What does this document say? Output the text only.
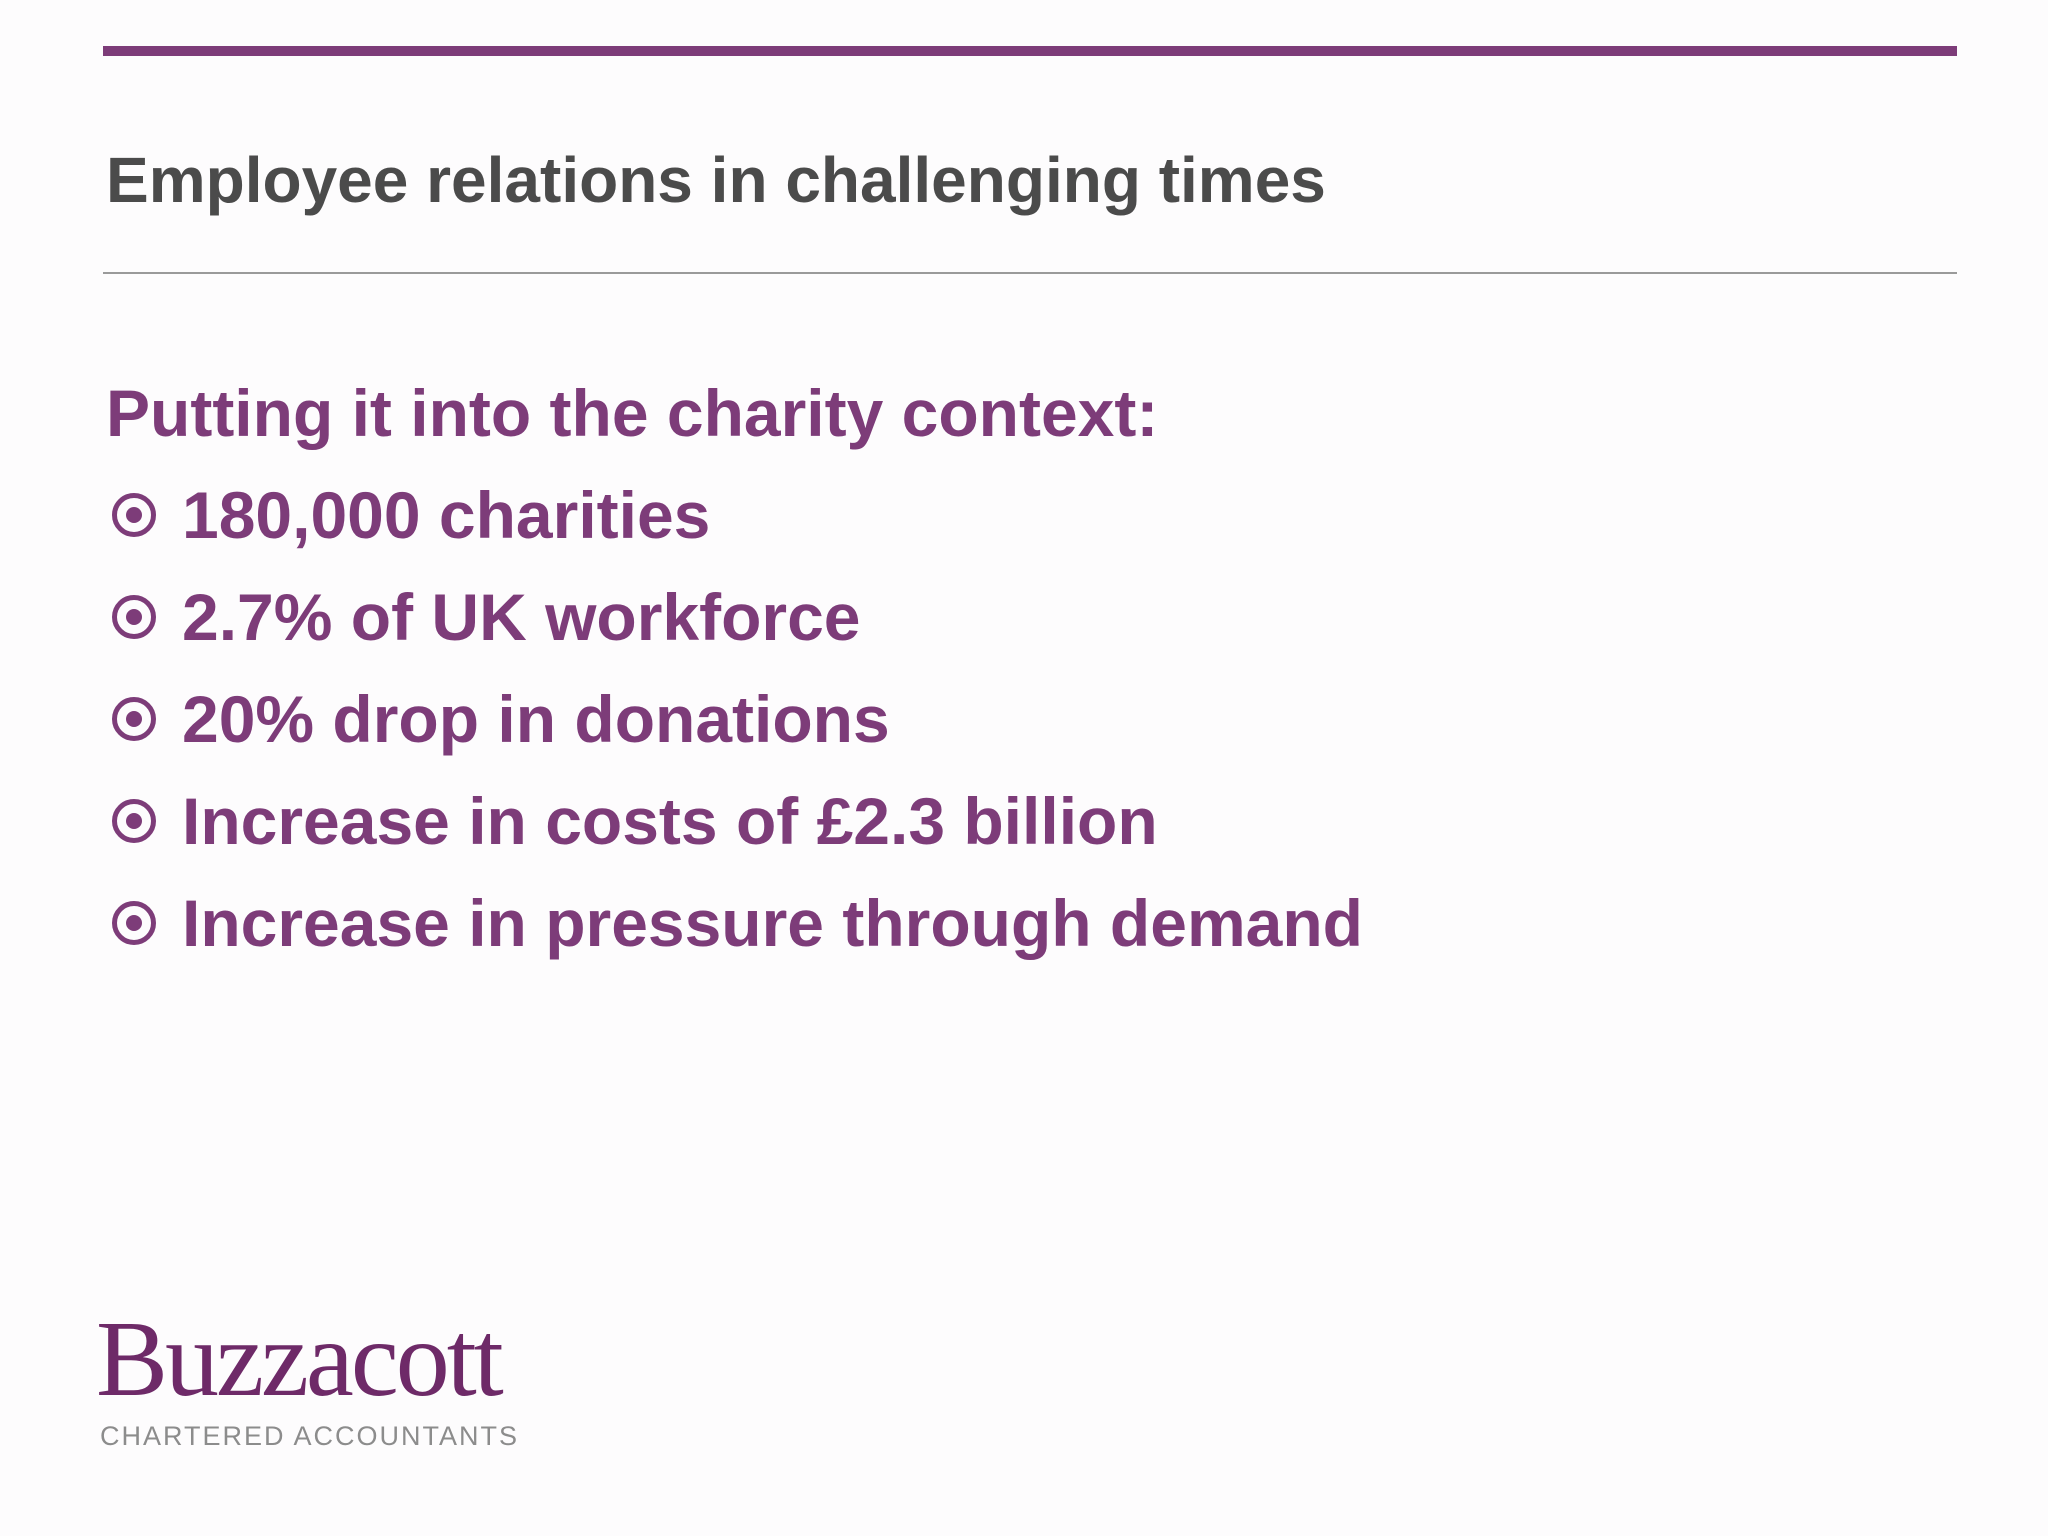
Employee relations in challenging times

Putting it into the charity context:

180,000 charities
2.7% of UK workforce
20% drop in donations
Increase in costs of £2.3 billion
Increase in pressure through demand

Buzzacott

CHARTERED ACCOUNTANTS
